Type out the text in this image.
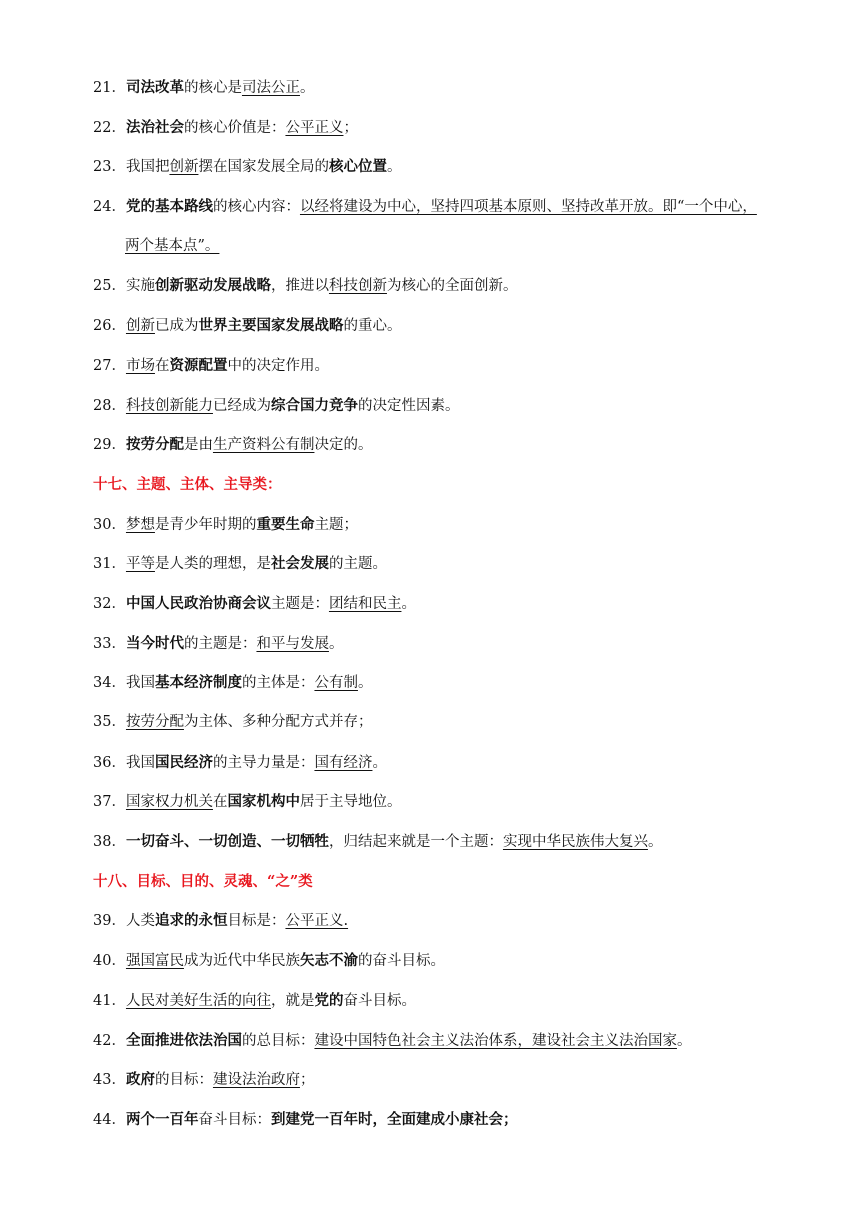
21．司法改革的核心是司法公正。
22．法治社会的核心价值是：公平正义；
23．我国把创新摆在国家发展全局的核心位置。
24．党的基本路线的核心内容：以经将建设为中心，坚持四项基本原则、坚持改革开放。即“一个中心，
两个基本点”。
25．实施创新驱动发展战略，推进以科技创新为核心的全面创新。
26．创新已成为世界主要国家发展战略的重心。
27．市场在资源配置中的决定作用。
28．科技创新能力已经成为综合国力竞争的决定性因素。
29．按劳分配是由生产资料公有制决定的。
十七、主题、主体、主导类：
30．梦想是青少年时期的重要生命主题；
31．平等是人类的理想，是社会发展的主题。
32．中国人民政治协商会议主题是：团结和民主。
33．当今时代的主题是：和平与发展。
34．我国基本经济制度的主体是：公有制。
35．按劳分配为主体、多种分配方式并存；
36．我国国民经济的主导力量是：国有经济。
37．国家权力机关在国家机构中居于主导地位。
38．一切奋斗、一切创造、一切牺牲，归结起来就是一个主题：实现中华民族伟大复兴。
十八、目标、目的、灵魂、“之”类
39．人类追求的永恒目标是：公平正义.
40．强国富民成为近代中华民族矢志不渝的奋斗目标。
41．人民对美好生活的向往，就是党的奋斗目标。
42．全面推进依法治国的总目标：建设中国特色社会主义法治体系，建设社会主义法治国家。
43．政府的目标：建设法治政府；
44．两个一百年奋斗目标：到建党一百年时，全面建成小康社会；
